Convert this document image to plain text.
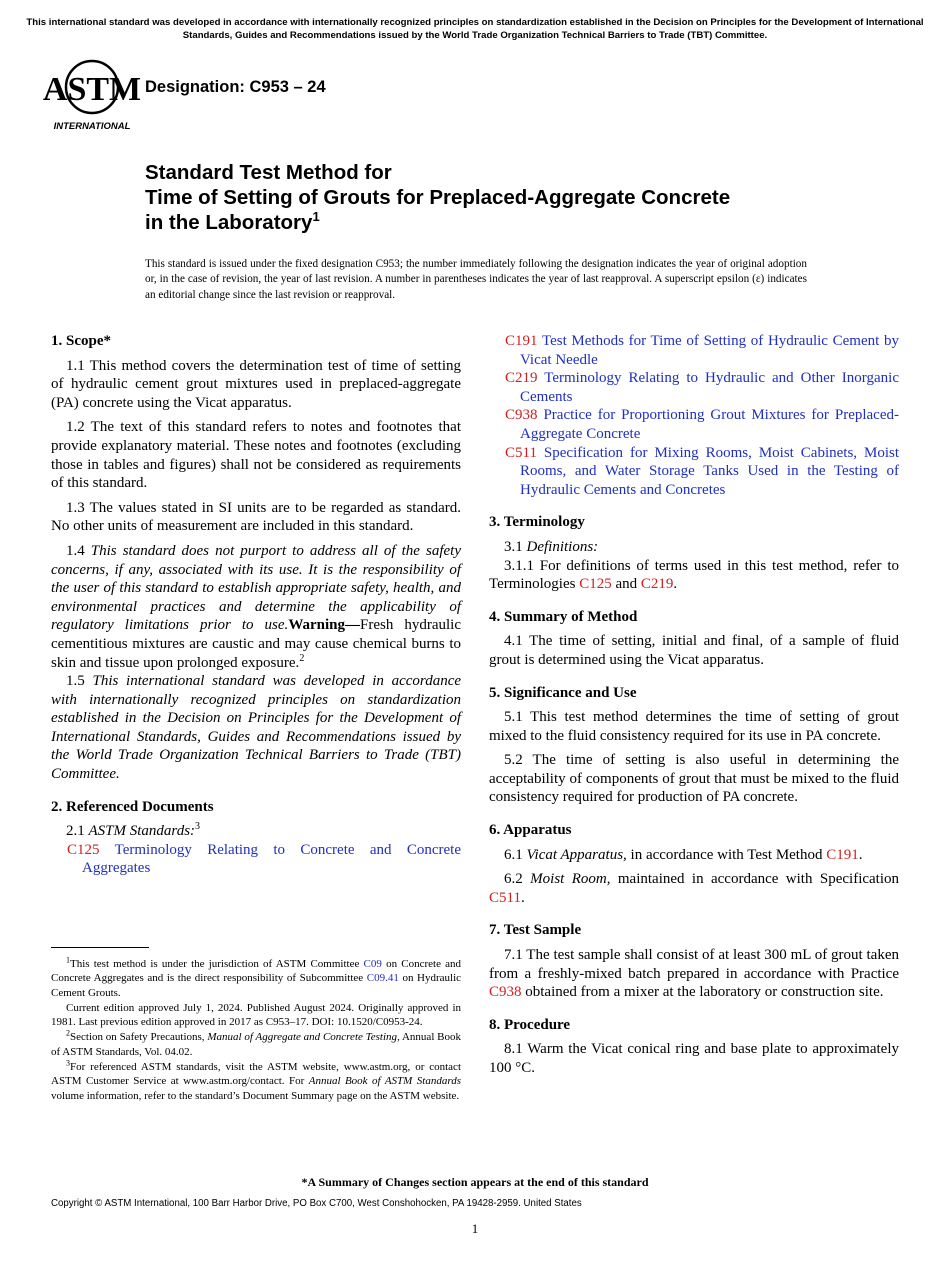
This international standard was developed in accordance with internationally recognized principles on standardization established in the Decision on Principles for the Development of International Standards, Guides and Recommendations issued by the World Trade Organization Technical Barriers to Trade (TBT) Committee.
ASTM
INTERNATIONAL
Designation: C953 – 24
Standard Test Method for
Time of Setting of Grouts for Preplaced-Aggregate Concrete
in the Laboratory$^1$
This standard is issued under the fixed designation C953; the number immediately following the designation indicates the year of original adoption or, in the case of revision, the year of last revision. A number in parentheses indicates the year of last reapproval. A superscript epsilon (ε) indicates an editorial change since the last revision or reapproval.
1. Scope*

1.1 This method covers the determination test of time of setting of hydraulic cement grout mixtures used in preplaced-aggregate (PA) concrete using the Vicat apparatus.

1.2 The text of this standard refers to notes and footnotes that provide explanatory material. These notes and footnotes (excluding those in tables and figures) shall not be considered as requirements of this standard.

1.3 The values stated in SI units are to be regarded as standard. No other units of measurement are included in this standard.

1.4 This standard does not purport to address all of the safety concerns, if any, associated with its use. It is the responsibility of the user of this standard to establish appropriate safety, health, and environmental practices and determine the applicability of regulatory limitations prior to use.Warning—Fresh hydraulic cementitious mixtures are caustic and may cause chemical burns to skin and tissue upon prolonged exposure.$^2$

1.5 This international standard was developed in accordance with internationally recognized principles on standardization established in the Decision on Principles for the Development of International Standards, Guides and Recommendations issued by the World Trade Organization Technical Barriers to Trade (TBT) Committee.

2. Referenced Documents

2.1 ASTM Standards:$^3$

C125 Terminology Relating to Concrete and Concrete Aggregates

$^1$This test method is under the jurisdiction of ASTM Committee C09 on Concrete and Concrete Aggregates and is the direct responsibility of Subcommittee C09.41 on Hydraulic Cement Grouts.

Current edition approved July 1, 2024. Published August 2024. Originally approved in 1981. Last previous edition approved in 2017 as C953–17. DOI: 10.1520/C0953-24.

$^2$Section on Safety Precautions, Manual of Aggregate and Concrete Testing, Annual Book of ASTM Standards, Vol. 04.02.

$^3$For referenced ASTM standards, visit the ASTM website, www.astm.org, or contact ASTM Customer Service at www.astm.org/contact. For Annual Book of ASTM Standards volume information, refer to the standard’s Document Summary page on the ASTM website.

C191 Test Methods for Time of Setting of Hydraulic Cement by Vicat Needle

C219 Terminology Relating to Hydraulic and Other Inorganic Cements

C938 Practice for Proportioning Grout Mixtures for Preplaced-Aggregate Concrete

C511 Specification for Mixing Rooms, Moist Cabinets, Moist Rooms, and Water Storage Tanks Used in the Testing of Hydraulic Cements and Concretes

3. Terminology

3.1 Definitions:

3.1.1 For definitions of terms used in this test method, refer to Terminologies C125 and C219.

4. Summary of Method

4.1 The time of setting, initial and final, of a sample of fluid grout is determined using the Vicat apparatus.

5. Significance and Use

5.1 This test method determines the time of setting of grout mixed to the fluid consistency required for its use in PA concrete.

5.2 The time of setting is also useful in determining the acceptability of components of grout that must be mixed to the fluid consistency required for production of PA concrete.

6. Apparatus

6.1 Vicat Apparatus, in accordance with Test Method C191.

6.2 Moist Room, maintained in accordance with Specification C511.

7. Test Sample

7.1 The test sample shall consist of at least 300 mL of grout taken from a freshly-mixed batch prepared in accordance with Practice C938 obtained from a mixer at the laboratory or construction site.

8. Procedure

8.1 Warm the Vicat conical ring and base plate to approximately 100 °C.

*A Summary of Changes section appears at the end of this standard
Copyright © ASTM International, 100 Barr Harbor Drive, PO Box C700, West Conshohocken, PA 19428-2959. United States
1
